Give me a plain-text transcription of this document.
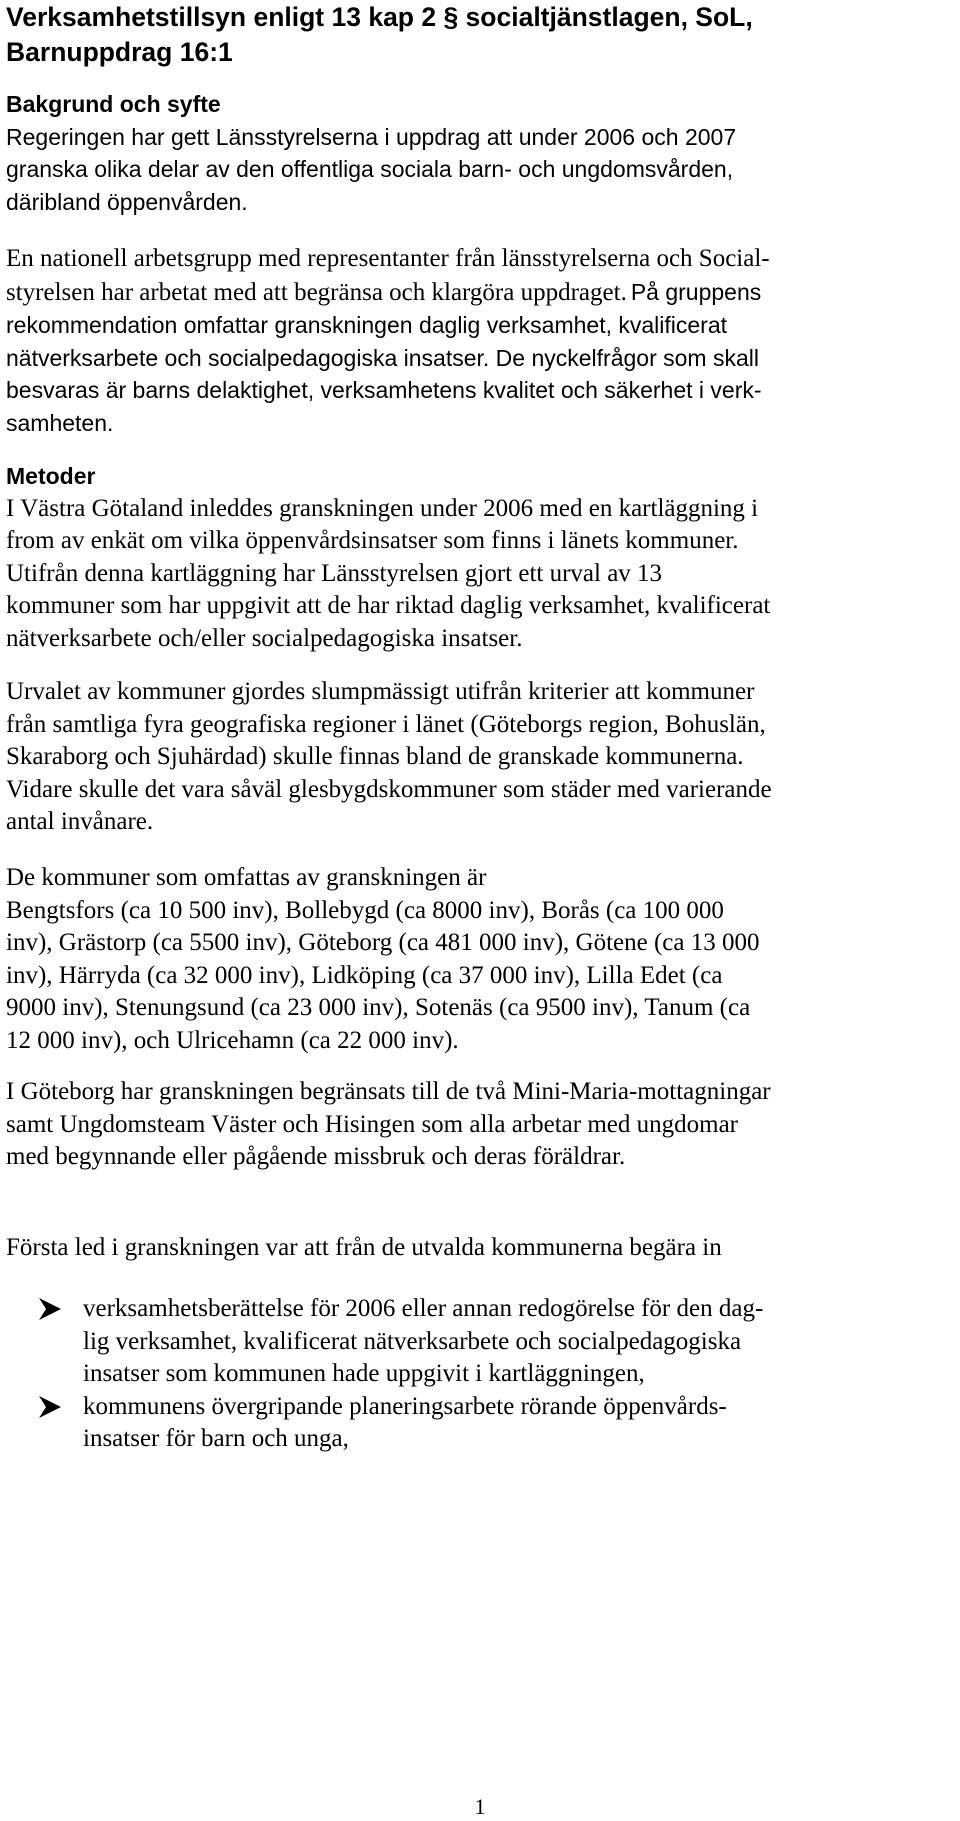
Verksamhetstillsyn enligt 13 kap 2 § socialtjänstlagen, SoL,
Barnuppdrag 16:1
Bakgrund och syfte
Regeringen har gett Länsstyrelserna i uppdrag att under 2006 och 2007
granska olika delar av den offentliga sociala barn- och ungdomsvården,
däribland öppenvården.
En nationell arbetsgrupp med representanter från länsstyrelserna och Social-
styrelsen har arbetat med att begränsa och klargöra uppdraget. På gruppens
rekommendation omfattar granskningen daglig verksamhet, kvalificerat
nätverksarbete och socialpedagogiska insatser. De nyckelfrågor som skall
besvaras är barns delaktighet, verksamhetens kvalitet och säkerhet i verk-
samheten.
Metoder
I Västra Götaland inleddes granskningen under 2006 med en kartläggning i
from av enkät om vilka öppenvårdsinsatser som finns i länets kommuner.
Utifrån denna kartläggning har Länsstyrelsen gjort ett urval av 13
kommuner som har uppgivit att de har riktad daglig verksamhet, kvalificerat
nätverksarbete och/eller socialpedagogiska insatser.
Urvalet av kommuner gjordes slumpmässigt utifrån kriterier att kommuner
från samtliga fyra geografiska regioner i länet (Göteborgs region, Bohuslän,
Skaraborg och Sjuhärdad) skulle finnas bland de granskade kommunerna.
Vidare skulle det vara såväl glesbygdskommuner som städer med varierande
antal invånare.
De kommuner som omfattas av granskningen är
Bengtsfors (ca 10 500 inv), Bollebygd (ca 8000 inv), Borås (ca 100 000
inv), Grästorp (ca 5500 inv), Göteborg (ca 481 000 inv), Götene (ca 13 000
inv), Härryda (ca 32 000 inv), Lidköping (ca 37 000 inv), Lilla Edet (ca
9000 inv), Stenungsund (ca 23 000 inv), Sotenäs (ca 9500 inv), Tanum (ca
12 000 inv), och Ulricehamn (ca 22 000 inv).
I Göteborg har granskningen begränsats till de två Mini-Maria-mottagningar
samt Ungdomsteam Väster och Hisingen som alla arbetar med ungdomar
med begynnande eller pågående missbruk och deras föräldrar.

Första led i granskningen var att från de utvalda kommunerna begära in

verksamhetsberättelse för 2006 eller annan redogörelse för den dag-
lig verksamhet, kvalificerat nätverksarbete och socialpedagogiska
insatser som kommunen hade uppgivit i kartläggningen,
kommunens övergripande planeringsarbete rörande öppenvårds-
insatser för barn och unga,
1
